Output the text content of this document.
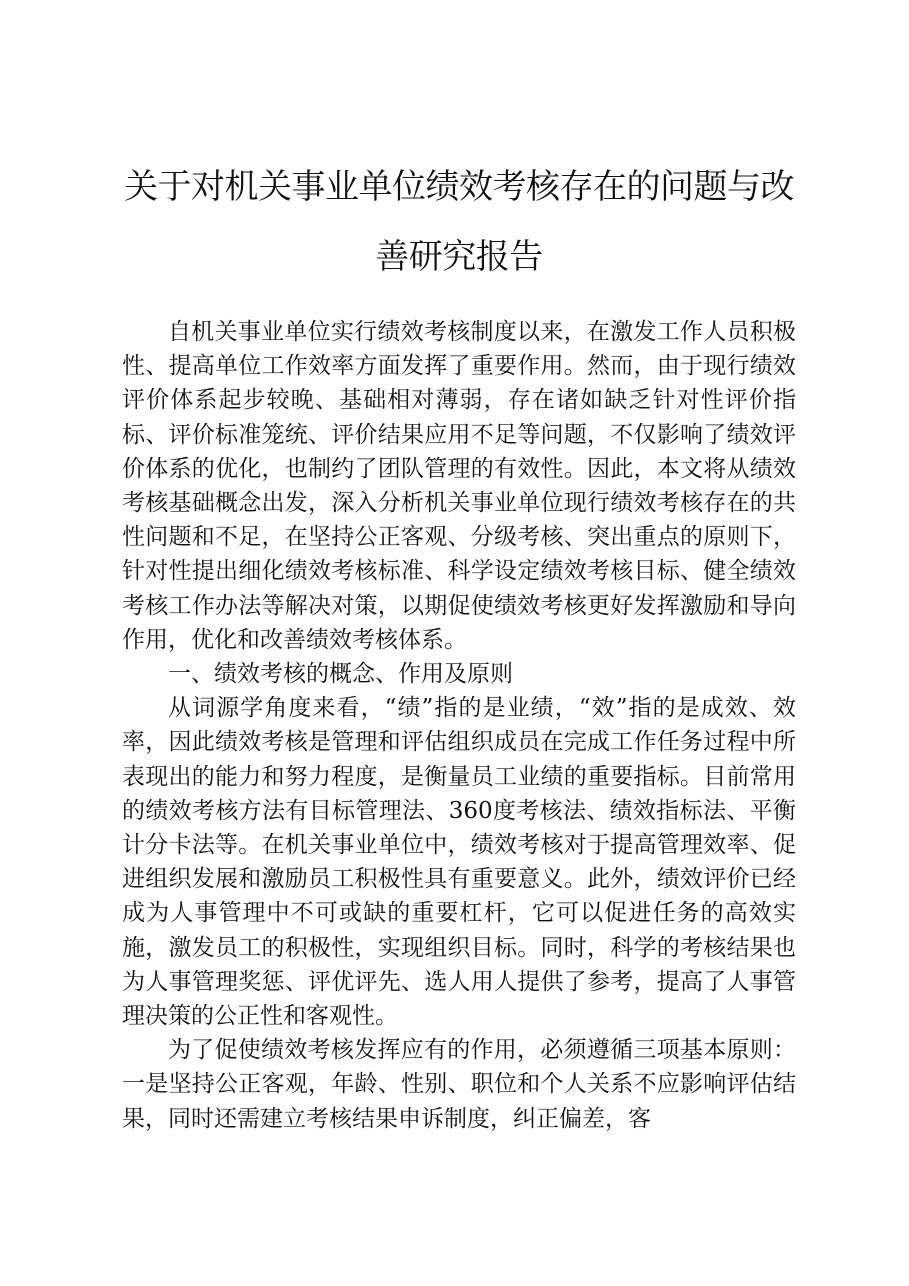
关于对机关事业单位绩效考核存在的问题与改
善研究报告

自机关事业单位实行绩效考核制度以来，在激发工作人员积极性、提高单位工作效率方面发挥了重要作用。然而，由于现行绩效评价体系起步较晚、基础相对薄弱，存在诸如缺乏针对性评价指标、评价标准笼统、评价结果应用不足等问题，不仅影响了绩效评价体系的优化，也制约了团队管理的有效性。因此，本文将从绩效考核基础概念出发，深入分析机关事业单位现行绩效考核存在的共性问题和不足，在坚持公正客观、分级考核、突出重点的原则下，针对性提出细化绩效考核标准、科学设定绩效考核目标、健全绩效考核工作办法等解决对策，以期促使绩效考核更好发挥激励和导向作用，优化和改善绩效考核体系。

一、绩效考核的概念、作用及原则

从词源学角度来看，“绩”指的是业绩，“效”指的是成效、效率，因此绩效考核是管理和评估组织成员在完成工作任务过程中所表现出的能力和努力程度，是衡量员工业绩的重要指标。目前常用的绩效考核方法有目标管理法、360度考核法、绩效指标法、平衡计分卡法等。在机关事业单位中，绩效考核对于提高管理效率、促进组织发展和激励员工积极性具有重要意义。此外，绩效评价已经成为人事管理中不可或缺的重要杠杆，它可以促进任务的高效实施，激发员工的积极性，实现组织目标。同时，科学的考核结果也为人事管理奖惩、评优评先、选人用人提供了参考，提高了人事管理决策的公正性和客观性。

为了促使绩效考核发挥应有的作用，必须遵循三项基本原则：一是坚持公正客观，年龄、性别、职位和个人关系不应影响评估结果，同时还需建立考核结果申诉制度，纠正偏差，客
